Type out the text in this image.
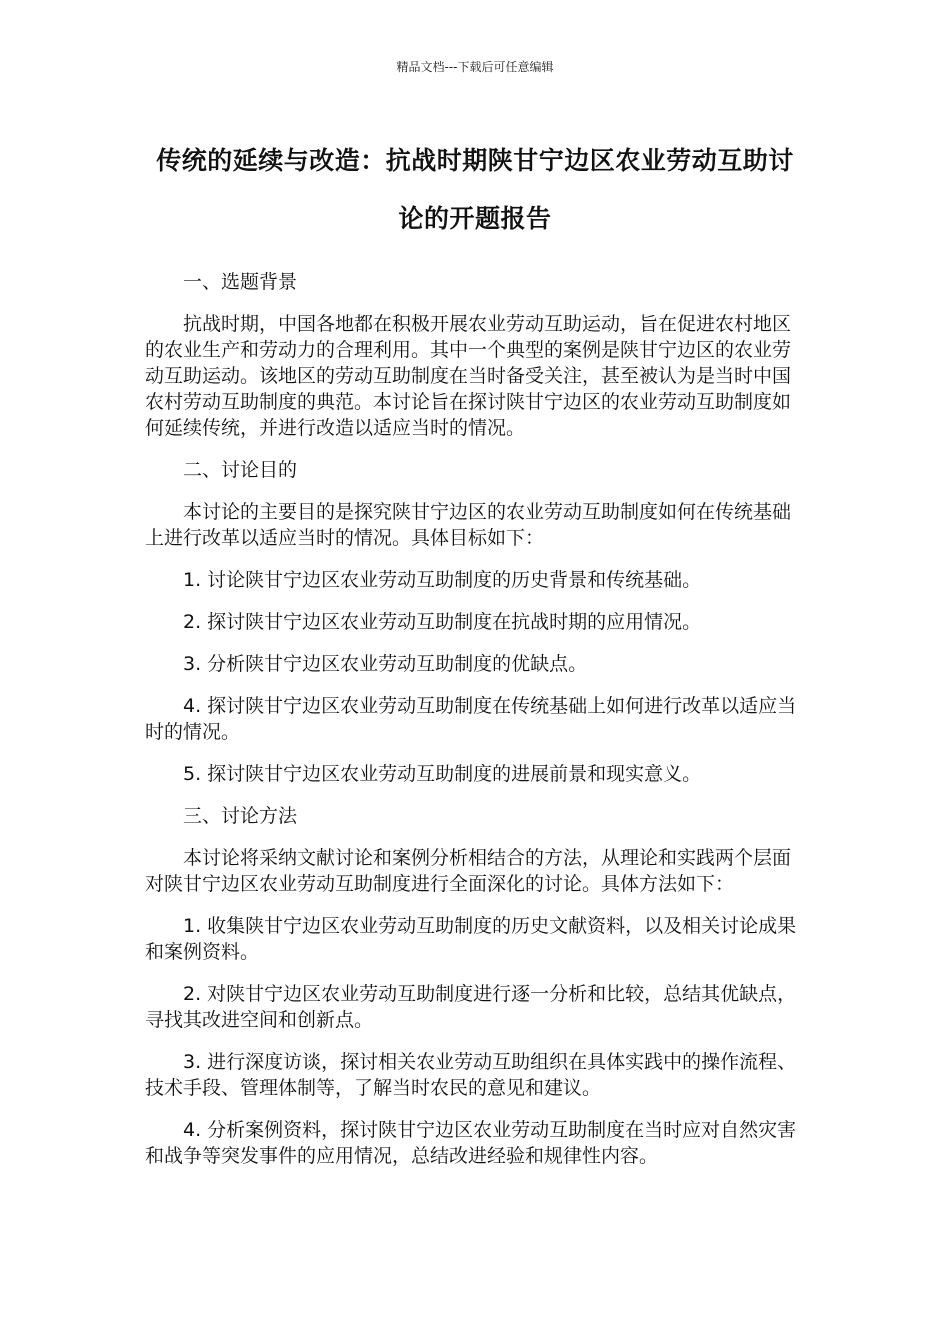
精品文档---下载后可任意编辑
传统的延续与改造：抗战时期陕甘宁边区农业劳动互助讨论的开题报告

一、选题背景

抗战时期，中国各地都在积极开展农业劳动互助运动，旨在促进农村地区的农业生产和劳动力的合理利用。其中一个典型的案例是陕甘宁边区的农业劳动互助运动。该地区的劳动互助制度在当时备受关注，甚至被认为是当时中国农村劳动互助制度的典范。本讨论旨在探讨陕甘宁边区的农业劳动互助制度如何延续传统，并进行改造以适应当时的情况。

二、讨论目的

本讨论的主要目的是探究陕甘宁边区的农业劳动互助制度如何在传统基础上进行改革以适应当时的情况。具体目标如下：

1. 讨论陕甘宁边区农业劳动互助制度的历史背景和传统基础。

2. 探讨陕甘宁边区农业劳动互助制度在抗战时期的应用情况。

3. 分析陕甘宁边区农业劳动互助制度的优缺点。

4. 探讨陕甘宁边区农业劳动互助制度在传统基础上如何进行改革以适应当时的情况。

5. 探讨陕甘宁边区农业劳动互助制度的进展前景和现实意义。

三、讨论方法

本讨论将采纳文献讨论和案例分析相结合的方法，从理论和实践两个层面对陕甘宁边区农业劳动互助制度进行全面深化的讨论。具体方法如下：

1. 收集陕甘宁边区农业劳动互助制度的历史文献资料，以及相关讨论成果和案例资料。

2. 对陕甘宁边区农业劳动互助制度进行逐一分析和比较，总结其优缺点，寻找其改进空间和创新点。

3. 进行深度访谈，探讨相关农业劳动互助组织在具体实践中的操作流程、技术手段、管理体制等，了解当时农民的意见和建议。

4. 分析案例资料，探讨陕甘宁边区农业劳动互助制度在当时应对自然灾害和战争等突发事件的应用情况，总结改进经验和规律性内容。
